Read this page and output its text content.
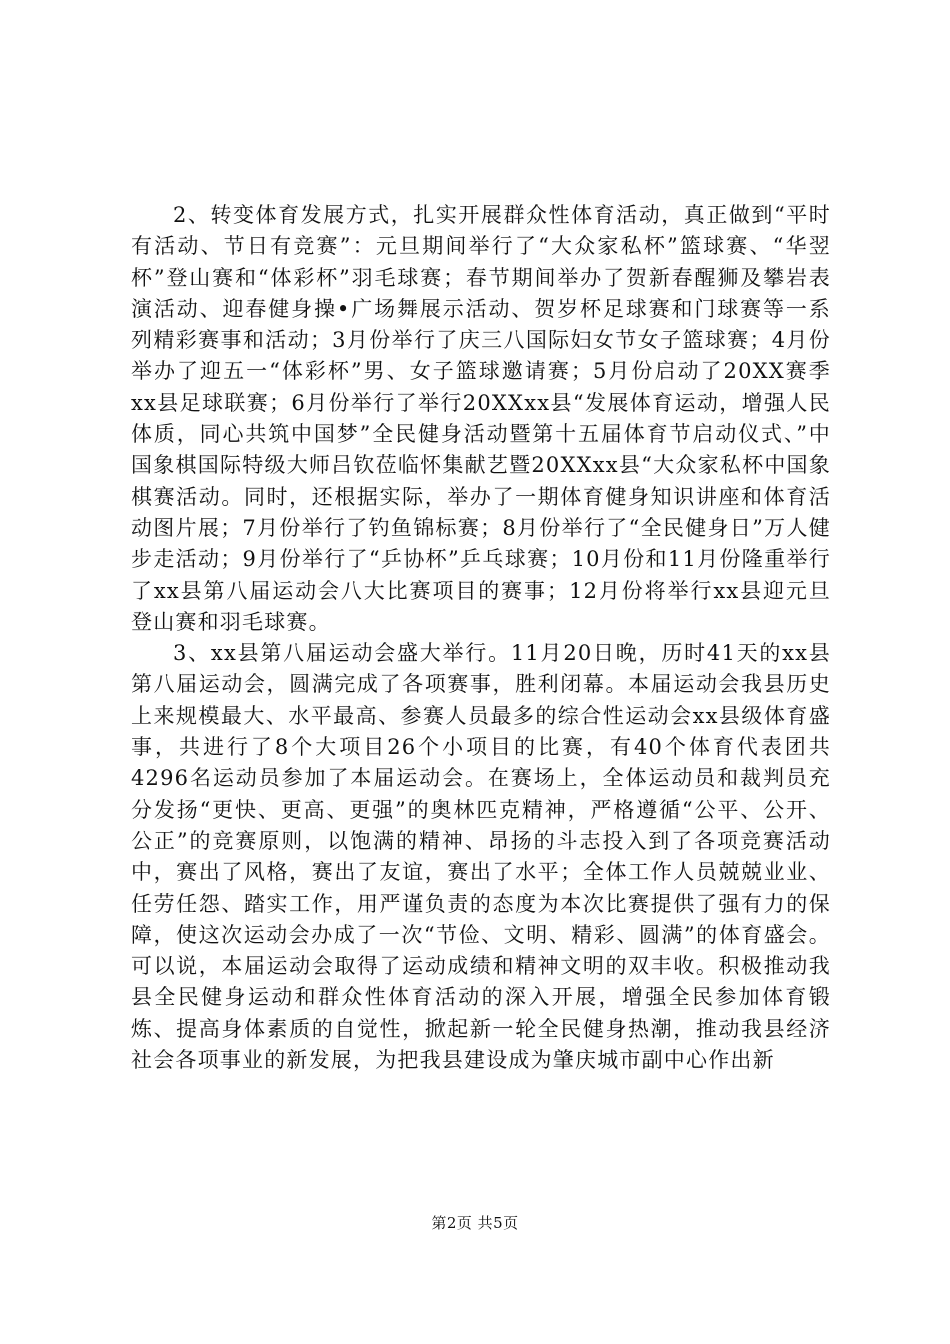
2、转变体育发展方式，扎实开展群众性体育活动，真正做到“平时有活动、节日有竞赛”：元旦期间举行了“大众家私杯”篮球赛、“华翌杯”登山赛和“体彩杯”羽毛球赛；春节期间举办了贺新春醒狮及攀岩表演活动、迎春健身操•广场舞展示活动、贺岁杯足球赛和门球赛等一系列精彩赛事和活动；3月份举行了庆三八国际妇女节女子篮球赛；4月份举办了迎五一“体彩杯”男、女子篮球邀请赛；5月份启动了20XX赛季xx县足球联赛；6月份举行了举行20XXxx县“发展体育运动，增强人民体质，同心共筑中国梦”全民健身活动暨第十五届体育节启动仪式、”中国象棋国际特级大师吕钦莅临怀集献艺暨20XXxx县“大众家私杯中国象棋赛活动。同时，还根据实际，举办了一期体育健身知识讲座和体育活动图片展；7月份举行了钓鱼锦标赛；8月份举行了“全民健身日”万人健步走活动；9月份举行了“乒协杯”乒乓球赛；10月份和11月份隆重举行了xx县第八届运动会八大比赛项目的赛事；12月份将举行xx县迎元旦登山赛和羽毛球赛。

3、xx县第八届运动会盛大举行。11月20日晚，历时41天的xx县第八届运动会，圆满完成了各项赛事，胜利闭幕。本届运动会我县历史上来规模最大、水平最高、参赛人员最多的综合性运动会xx县级体育盛事，共进行了8个大项目26个小项目的比赛，有40个体育代表团共4296名运动员参加了本届运动会。在赛场上，全体运动员和裁判员充分发扬“更快、更高、更强”的奥林匹克精神，严格遵循“公平、公开、公正”的竞赛原则，以饱满的精神、昂扬的斗志投入到了各项竞赛活动中，赛出了风格，赛出了友谊，赛出了水平；全体工作人员兢兢业业、任劳任怨、踏实工作，用严谨负责的态度为本次比赛提供了强有力的保障，使这次运动会办成了一次“节俭、文明、精彩、圆满”的体育盛会。可以说，本届运动会取得了运动成绩和精神文明的双丰收。积极推动我县全民健身运动和群众性体育活动的深入开展，增强全民参加体育锻炼、提高身体素质的自觉性，掀起新一轮全民健身热潮，推动我县经济社会各项事业的新发展，为把我县建设成为肇庆城市副中心作出新

第2页 共5页
